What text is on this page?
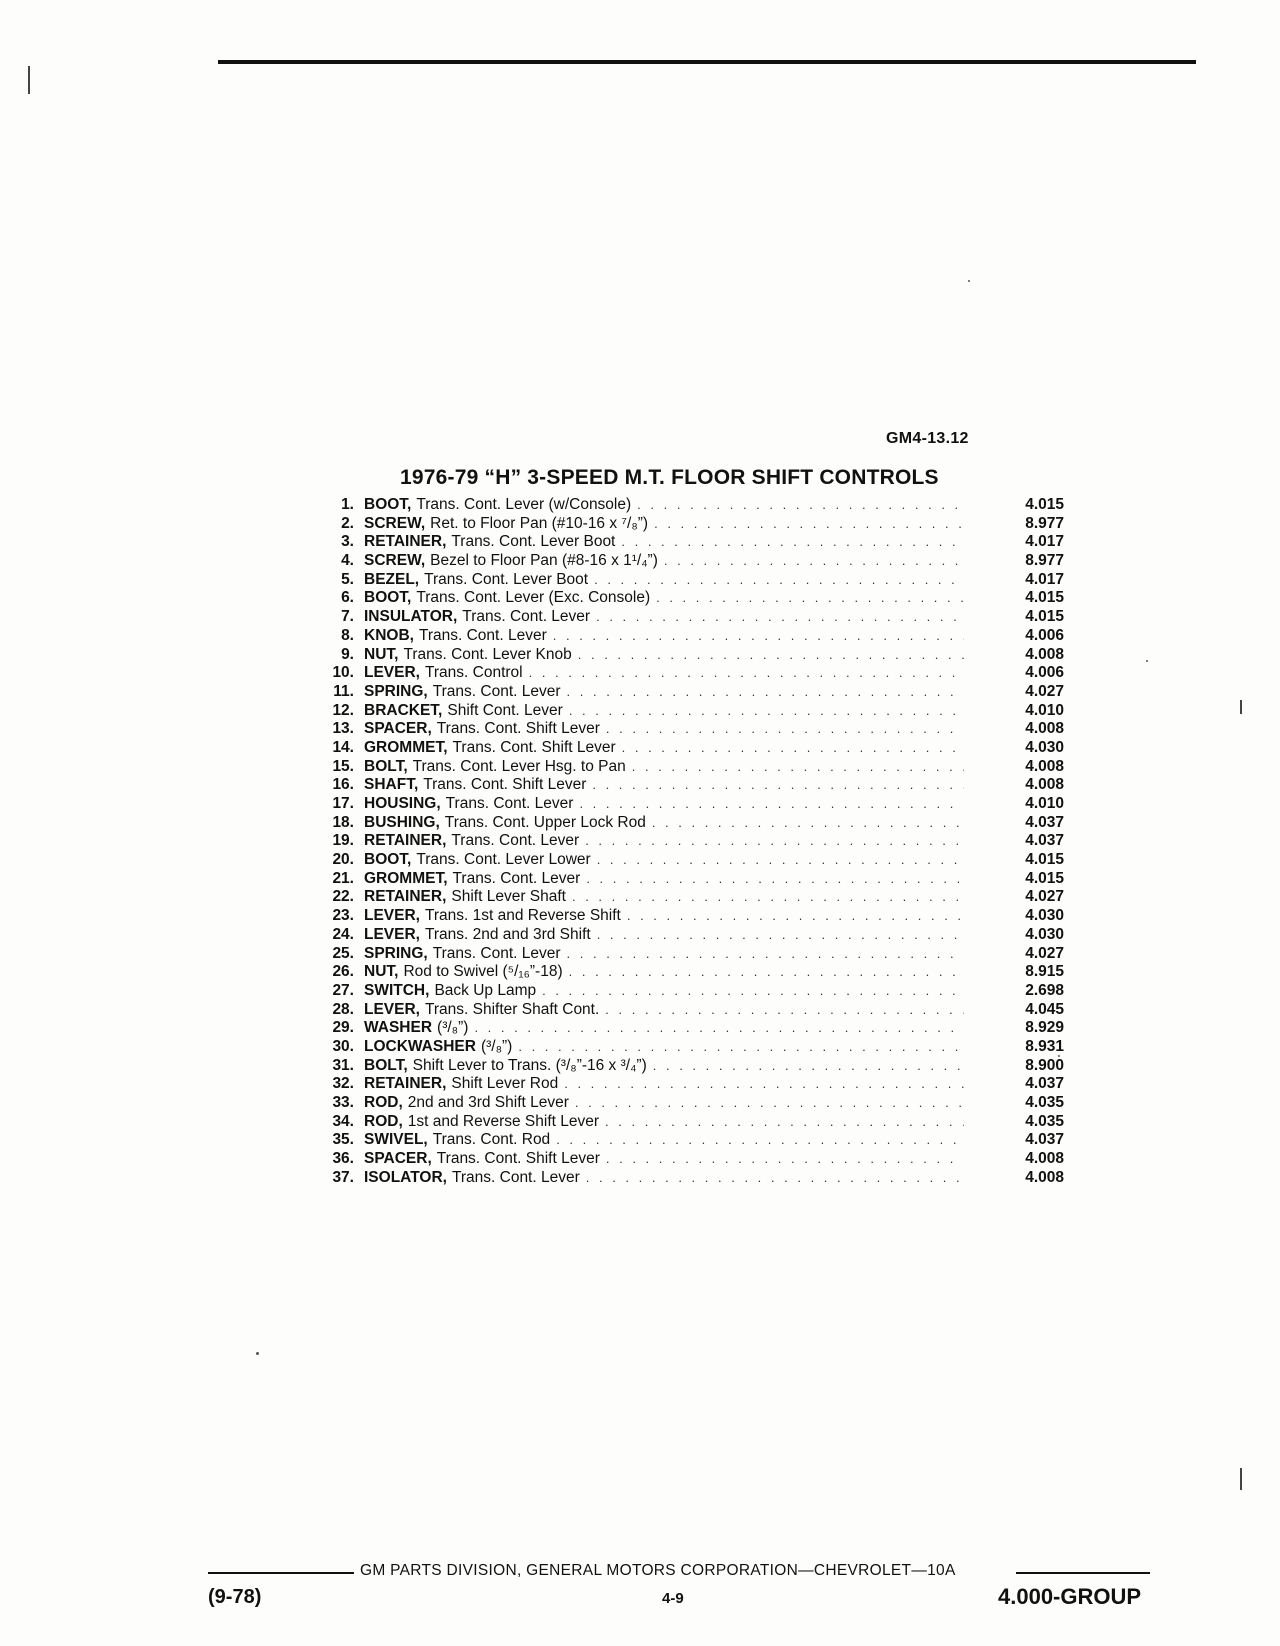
GM4-13.12
1976-79 “H” 3-SPEED M.T. FLOOR SHIFT CONTROLS
1. BOOT, Trans. Cont. Lever (w/Console) . . .	4.015
2. SCREW, Ret. to Floor Pan (#10-16 x ⁷/₈”) . . .	8.977
3. RETAINER, Trans. Cont. Lever Boot . . .	4.017
4. SCREW, Bezel to Floor Pan (#8-16 x 1¹/₄”) . . .	8.977
5. BEZEL, Trans. Cont. Lever Boot . . .	4.017
6. BOOT, Trans. Cont. Lever (Exc. Console) . . .	4.015
7. INSULATOR, Trans. Cont. Lever . . .	4.015
8. KNOB, Trans. Cont. Lever . . .	4.006
9. NUT, Trans. Cont. Lever Knob . . .	4.008
10. LEVER, Trans. Control . . .	4.006
11. SPRING, Trans. Cont. Lever . . .	4.027
12. BRACKET, Shift Cont. Lever . . .	4.010
13. SPACER, Trans. Cont. Shift Lever . . .	4.008
14. GROMMET, Trans. Cont. Shift Lever . . .	4.030
15. BOLT, Trans. Cont. Lever Hsg. to Pan . . .	4.008
16. SHAFT, Trans. Cont. Shift Lever . . .	4.008
17. HOUSING, Trans. Cont. Lever . . .	4.010
18. BUSHING, Trans. Cont. Upper Lock Rod . . .	4.037
19. RETAINER, Trans. Cont. Lever . . .	4.037
20. BOOT, Trans. Cont. Lever Lower . . .	4.015
21. GROMMET, Trans. Cont. Lever . . .	4.015
22. RETAINER, Shift Lever Shaft . . .	4.027
23. LEVER, Trans. 1st and Reverse Shift . . .	4.030
24. LEVER, Trans. 2nd and 3rd Shift . . .	4.030
25. SPRING, Trans. Cont. Lever . . .	4.027
26. NUT, Rod to Swivel (⁵/₁₆”-18) . . .	8.915
27. SWITCH, Back Up Lamp . . .	2.698
28. LEVER, Trans. Shifter Shaft Cont. . . .	4.045
29. WASHER (³/₈”) . . .	8.929
30. LOCKWASHER (³/₈”) . . .	8.931
31. BOLT, Shift Lever to Trans. (³/₈”-16 x ³/₄”) . . .	8.900
32. RETAINER, Shift Lever Rod . . .	4.037
33. ROD, 2nd and 3rd Shift Lever . . .	4.035
34. ROD, 1st and Reverse Shift Lever . . .	4.035
35. SWIVEL, Trans. Cont. Rod . . .	4.037
36. SPACER, Trans. Cont. Shift Lever . . .	4.008
37. ISOLATOR, Trans. Cont. Lever . . .	4.008
GM PARTS DIVISION, GENERAL MOTORS CORPORATION—CHEVROLET—10A
(9-78)	4-9	4.000-GROUP
